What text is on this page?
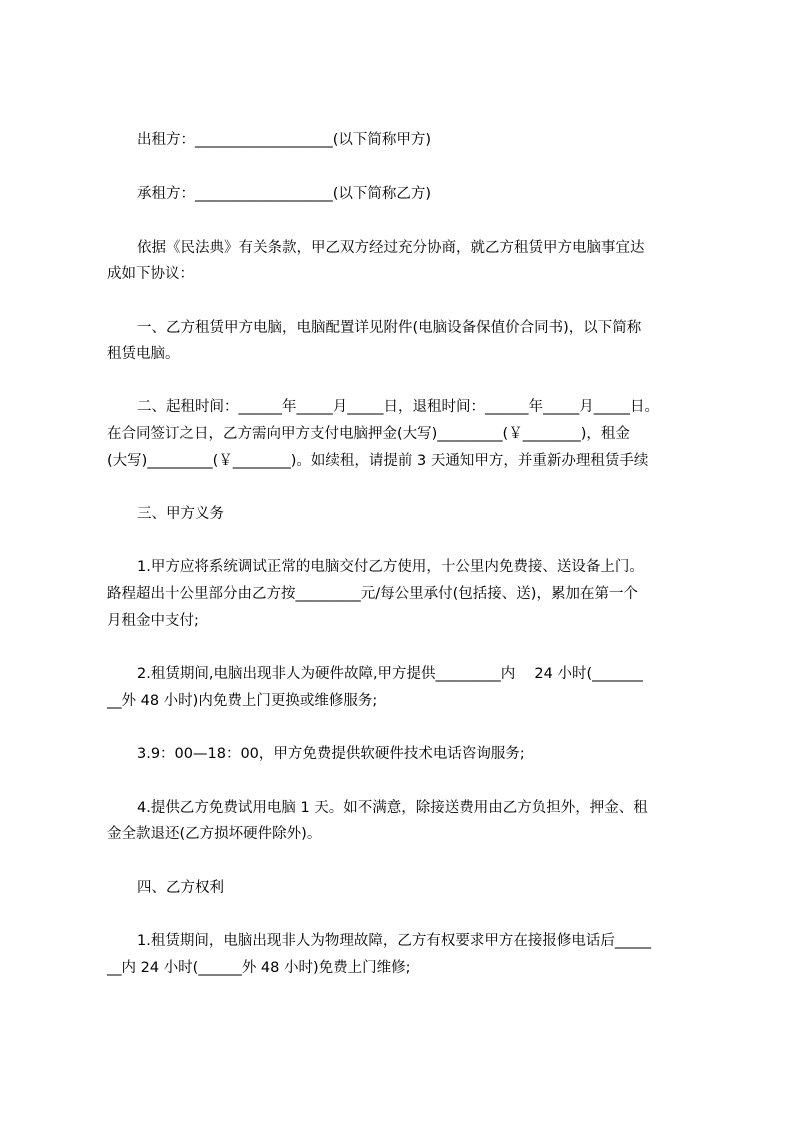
出租方：___________________(以下简称甲方)
承租方：___________________(以下简称乙方)
依据《民法典》有关条款，甲乙双方经过充分协商，就乙方租赁甲方电脑事宜达
成如下协议：
一、乙方租赁甲方电脑，电脑配置详见附件(电脑设备保值价合同书)，以下简称
租赁电脑。
二、起租时间：______年_____月_____日，退租时间：______年_____月_____日。
在合同签订之日，乙方需向甲方支付电脑押金(大写)_________(￥________)，租金
(大写)_________(￥________)。如续租，请提前 3 天通知甲方，并重新办理租赁手续
三、甲方义务
1.甲方应将系统调试正常的电脑交付乙方使用，十公里内免费接、送设备上门。
路程超出十公里部分由乙方按_________元/每公里承付(包括接、送)，累加在第一个
月租金中支付;
2.租赁期间,电脑出现非人为硬件故障,甲方提供_________内　 24 小时(_______
__外 48 小时)内免费上门更换或维修服务;
3.9：00—18：00，甲方免费提供软硬件技术电话咨询服务;
4.提供乙方免费试用电脑 1 天。如不满意，除接送费用由乙方负担外，押金、租
金全款退还(乙方损坏硬件除外)。
四、乙方权利
1.租赁期间，电脑出现非人为物理故障，乙方有权要求甲方在接报修电话后_____
__内 24 小时(______外 48 小时)免费上门维修;
